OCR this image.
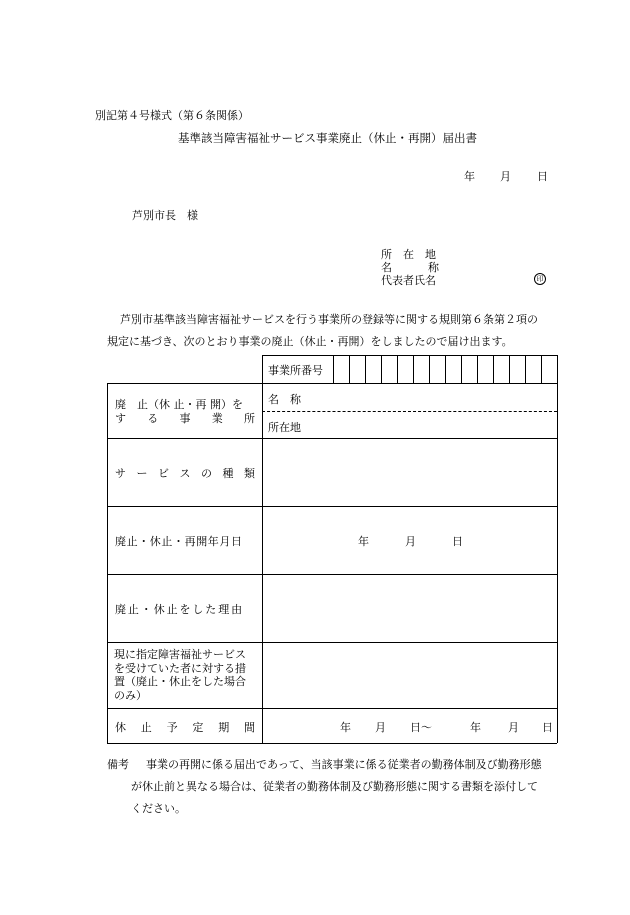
別記第４号様式（第６条関係）
基準該当障害福祉サービス事業廃止（休止・再開）届出書
年 月 日
芦別市長　様
所　在　地
名	称
代表者氏名	印
芦別市基準該当障害福祉サービスを行う事業所の登録等に関する規則第６条第２項の
規定に基づき、次のとおり事業の廃止（休止・再開）をしましたので届け出ます。
事業所番号
廃　止（休 止・再 開）を
す る 事 業 所
名　称
所在地
サ ー ビ ス の 種 類
廃止・休止・再開年月日	年	月	日
廃止・休止をした理由
現に指定障害福祉サービス
を受けていた者に対する措
置（廃止・休止をした場合
のみ）
休 止 予 定 期 間	年 月 日〜	年 月 日
備考 事業の再開に係る届出であって、当該事業に係る従業者の勤務体制及び勤務形態
が休止前と異なる場合は、従業者の勤務体制及び勤務形態に関する書類を添付して
ください。
